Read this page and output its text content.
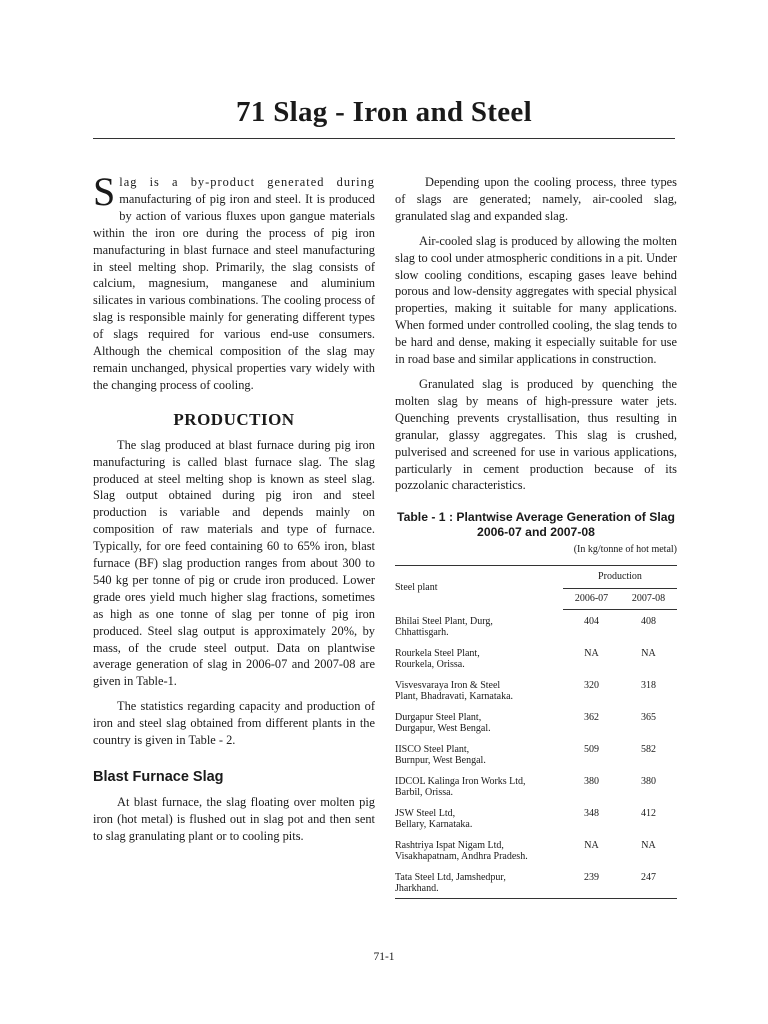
71 Slag - Iron and Steel

Slag is a by-product generated during manufacturing of pig iron and steel. It is produced by action of various fluxes upon gangue materials within the iron ore during the process of pig iron manufacturing in blast furnace and steel manufacturing in steel melting shop. Primarily, the slag consists of calcium, magnesium, manganese and aluminium silicates in various combinations. The cooling process of slag is responsible mainly for generating different types of slags required for various end-use consumers. Although the chemical composition of the slag may remain unchanged, physical properties vary widely with the changing process of cooling.

PRODUCTION

The slag produced at blast furnace during pig iron manufacturing is called blast furnace slag. The slag produced at steel melting shop is known as steel slag. Slag output obtained during pig iron and steel production is variable and depends mainly on composition of raw materials and type of furnace. Typically, for ore feed containing 60 to 65% iron, blast furnace (BF) slag production ranges from about 300 to 540 kg per tonne of pig or crude iron produced. Lower grade ores yield much higher slag fractions, sometimes as high as one tonne of slag per tonne of pig iron produced. Steel slag output is approximately 20%, by mass, of the crude steel output. Data on plantwise average generation of slag in 2006-07 and 2007-08 are given in Table-1.

The statistics regarding capacity and production of iron and steel slag obtained from different plants in the country is given in Table - 2.

Blast Furnace Slag

At blast furnace, the slag floating over molten pig iron (hot metal) is flushed out in slag pot and then sent to slag granulating plant or to cooling pits.

Depending upon the cooling process, three types of slags are generated; namely, air-cooled slag, granulated slag and expanded slag.

Air-cooled slag is produced by allowing the molten slag to cool under atmospheric conditions in a pit. Under slow cooling conditions, escaping gases leave behind porous and low-density aggregates with special physical properties, making it suitable for many applications. When formed under controlled cooling, the slag tends to be hard and dense, making it especially suitable for use in road base and similar applications in construction.

Granulated slag is produced by quenching the molten slag by means of high-pressure water jets. Quenching prevents crystallisation, thus resulting in granular, glassy aggregates. This slag is crushed, pulverised and screened for use in various applications, particularly in cement production because of its pozzolanic characteristics.

Table - 1 : Plantwise Average Generation of Slag
2006-07 and 2007-08
(In kg/tonne of hot metal)
Steel plant	Production	
	2006-07	2007-08

Bhilai Steel Plant, Durg,
Chhattisgarh.	404	408

Rourkela Steel Plant,
Rourkela, Orissa.	NA	NA

Visvesvaraya Iron & Steel
Plant, Bhadravati, Karnataka.	320	318

Durgapur Steel Plant,
Durgapur, West Bengal.	362	365

IISCO Steel Plant,
Burnpur, West Bengal.	509	582

IDCOL Kalinga Iron Works Ltd,
Barbil, Orissa.	380	380

JSW Steel Ltd,
Bellary, Karnataka.	348	412

Rashtriya Ispat Nigam Ltd,
Visakhapatnam, Andhra Pradesh.	NA	NA

Tata Steel Ltd, Jamshedpur,
Jharkhand.	239	247
71-1
